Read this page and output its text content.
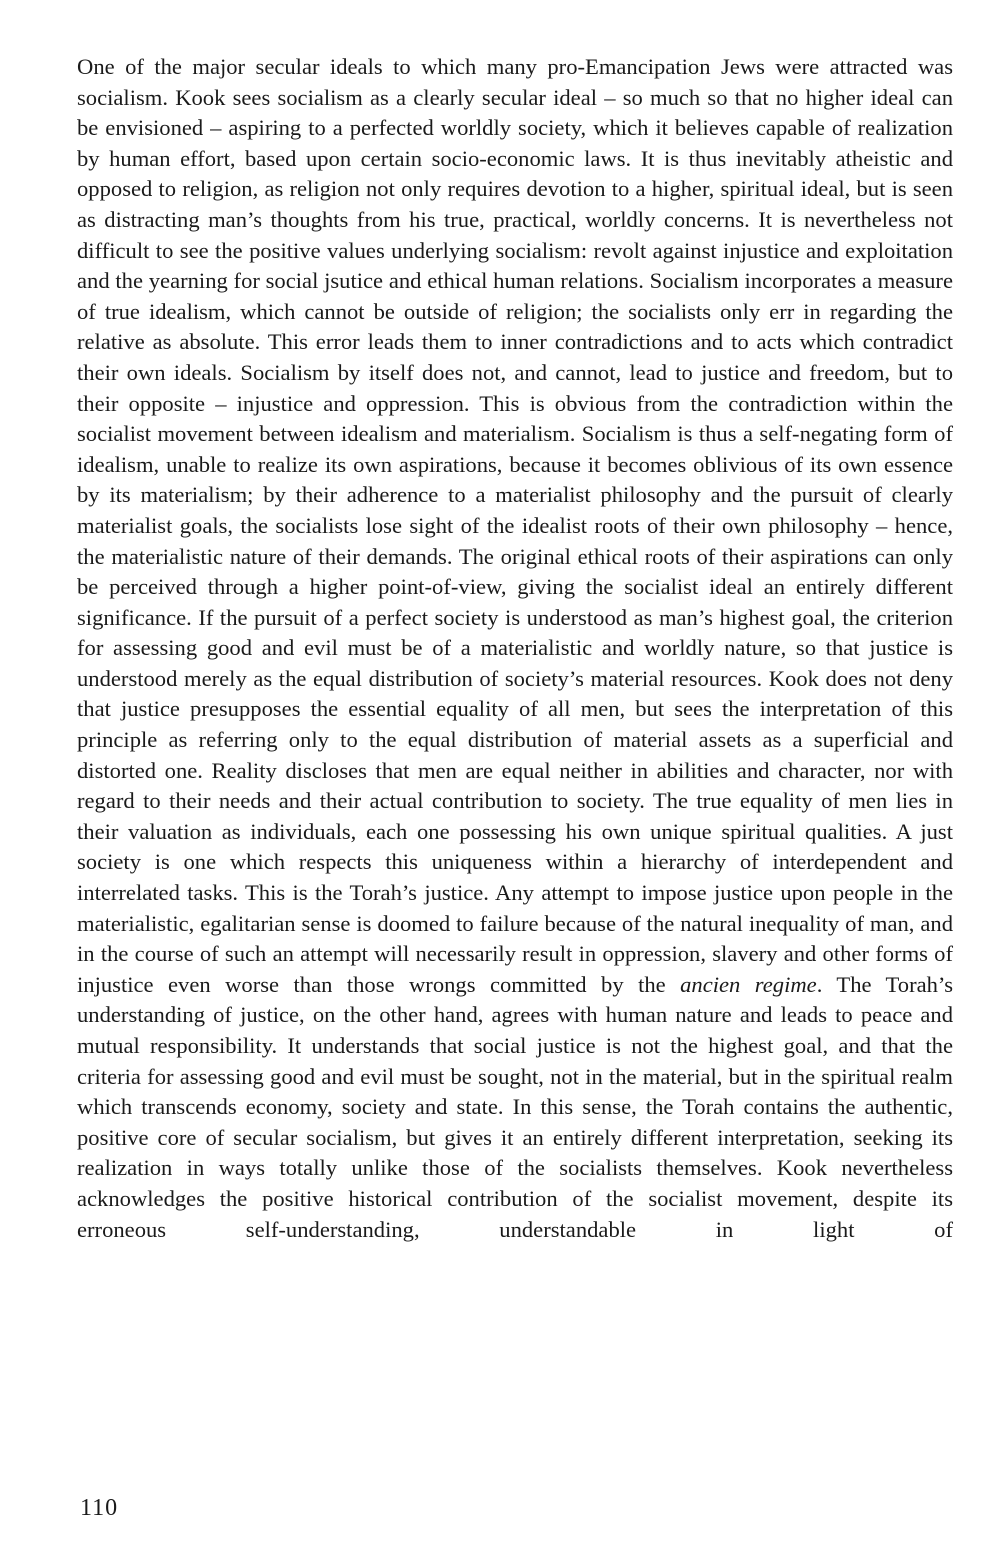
One of the major secular ideals to which many pro-Emancipation Jews were attracted was socialism. Kook sees socialism as a clearly secular ideal – so much so that no higher ideal can be envisioned – aspiring to a perfected worldly society, which it believes capable of realization by human effort, based upon certain socio-economic laws. It is thus inevitably atheistic and opposed to religion, as religion not only requires devotion to a higher, spiritual ideal, but is seen as distracting man’s thoughts from his true, practical, worldly concerns. It is nevertheless not difficult to see the positive values underlying socialism: revolt against injustice and exploitation and the yearning for social jsutice and ethical human relations. Socialism incorporates a measure of true idealism, which cannot be outside of religion; the socialists only err in regarding the relative as absolute. This error leads them to inner contradictions and to acts which contradict their own ideals. Socialism by itself does not, and cannot, lead to justice and freedom, but to their opposite – injustice and oppression. This is obvious from the contradiction within the socialist movement between idealism and materialism. Socialism is thus a self-negating form of idealism, unable to realize its own aspirations, because it becomes oblivious of its own essence by its materialism; by their adherence to a materialist philosophy and the pursuit of clearly materialist goals, the socialists lose sight of the idealist roots of their own philosophy – hence, the materialistic nature of their demands. The original ethical roots of their aspirations can only be perceived through a higher point-of-view, giving the socialist ideal an entirely different significance. If the pursuit of a perfect society is understood as man’s highest goal, the criterion for assessing good and evil must be of a materialistic and worldly nature, so that justice is understood merely as the equal distribution of society’s material resources. Kook does not deny that justice presupposes the essential equality of all men, but sees the interpretation of this principle as referring only to the equal distribution of material assets as a superficial and distorted one. Reality discloses that men are equal neither in abilities and character, nor with regard to their needs and their actual contribution to society. The true equality of men lies in their valuation as individuals, each one possessing his own unique spiritual qualities. A just society is one which respects this uniqueness within a hierarchy of interdependent and interrelated tasks. This is the Torah’s justice. Any attempt to impose justice upon people in the materialistic, egalitarian sense is doomed to failure because of the natural inequality of man, and in the course of such an attempt will necessarily result in oppression, slavery and other forms of injustice even worse than those wrongs committed by the ancien regime. The Torah’s understanding of justice, on the other hand, agrees with human nature and leads to peace and mutual responsibility. It understands that social justice is not the highest goal, and that the criteria for assessing good and evil must be sought, not in the material, but in the spiritual realm which transcends economy, society and state. In this sense, the Torah contains the authentic, positive core of secular socialism, but gives it an entirely different interpretation, seeking its realization in ways totally unlike those of the socialists themselves. Kook nevertheless acknowledges the positive historical contribution of the socialist movement, despite its erroneous self-understanding, understandable in light of

110
